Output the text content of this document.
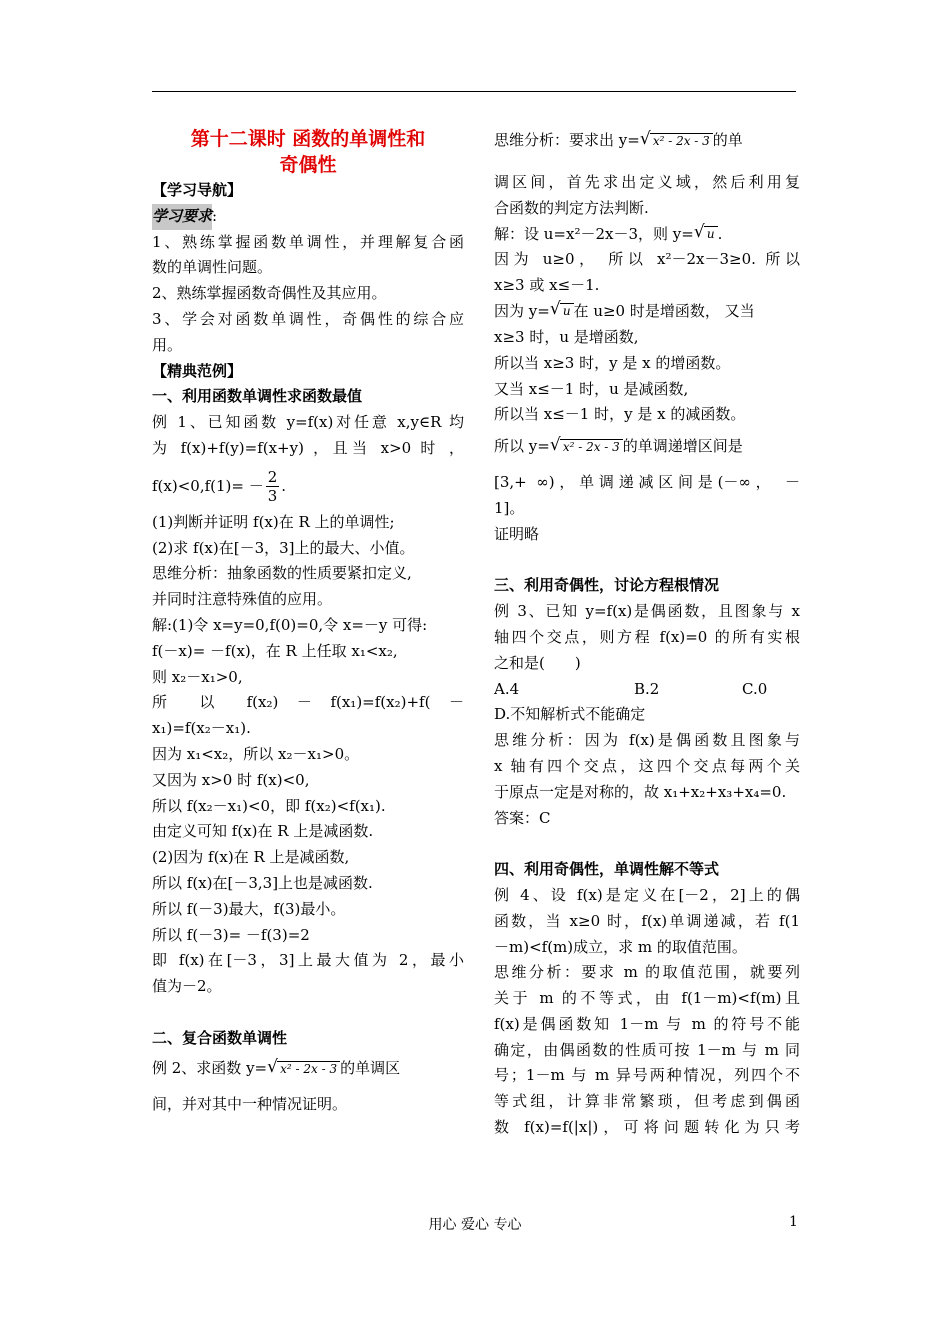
第十二课时 函数的单调性和
奇偶性
【学习导航】
学习要求:
1、熟练掌握函数单调性，并理解复合函
数的单调性问题。
2、熟练掌握函数奇偶性及其应用。
3、学会对函数单调性，奇偶性的综合应
用。
【精典范例】
一、利用函数单调性求函数最值
例 1、已知函数 y=f(x)对任意 x,y∈R 均
为 f(x)+f(y)=f(x+y) ，且当 x>0 时 ，
$f(x)<0,f(1)= - \frac{2}{3}$ .
(1)判断并证明 f(x)在 R 上的单调性;
(2)求 f(x)在[－3，3]上的最大、小值。
思维分析：抽象函数的性质要紧扣定义,
并同时注意特殊值的应用。
解:(1)令 x=y=0,f(0)=0,令 x=－y 可得:
f(－x)= －f(x)，在 R 上任取 x₁<x₂,
则 x₂－x₁>0,
所 以 f(x₂) － f(x₁)=f(x₂)+f( －
x₁)=f(x₂－x₁).
因为 x₁<x₂，所以 x₂－x₁>0。
又因为 x>0 时 f(x)<0,
所以 f(x₂－x₁)<0，即 f(x₂)<f(x₁).
由定义可知 f(x)在 R 上是减函数.
(2)因为 f(x)在 R 上是减函数,
所以 f(x)在[－3,3]上也是减函数.
所以 f(－3)最大，f(3)最小。
所以 f(－3)= －f(3)=2
即 f(x)在[－3，3]上最大值为 2，最小
值为－2。
二、复合函数单调性
例 2、求函数 y= √ x² - 2x - 3 的单调区
间，并对其中一种情况证明。
思维分析：要求出 y= √ x² - 2x - 3 的单
调区间，首先求出定义域，然后利用复
合函数的判定方法判断.
解：设 u=x²－2x－3，则 y= √ u .
因为 u≥0， 所以 x²－2x－3≥0. 所以
x≥3 或 x≤－1.
因为 y= √ u 在 u≥0 时是增函数， 又当
x≥3 时，u 是增函数,
所以当 x≥3 时，y 是 x 的增函数。
又当 x≤－1 时，u 是减函数,
所以当 x≤－1 时，y 是 x 的减函数。
所以 y= √ x² - 2x - 3 的单调递增区间是
[3,+ ∞)，单调递减区间是(－∞， －
1]。
证明略
三、利用奇偶性，讨论方程根情况
例 3、已知 y=f(x)是偶函数，且图象与 x
轴四个交点，则方程 f(x)=0 的所有实根
之和是(　　)
A.4	B.2	C.0
D.不知解析式不能确定
思维分析：因为 f(x)是偶函数且图象与
x 轴有四个交点，这四个交点每两个关
于原点一定是对称的，故 x₁+x₂+x₃+x₄=0.
答案：C
四、利用奇偶性，单调性解不等式
例 4、设 f(x)是定义在[－2，2]上的偶
函数，当 x≥0 时，f(x)单调递减，若 f(1
－m)<f(m)成立，求 m 的取值范围。
思维分析：要求 m 的取值范围，就要列
关于 m 的不等式，由 f(1－m)<f(m)且
f(x)是偶函数知 1－m 与 m 的符号不能
确定，由偶函数的性质可按 1－m 与 m 同
号；1－m 与 m 异号两种情况，列四个不
等式组，计算非常繁琐，但考虑到偶函
数 f(x)=f(|x|)，可将问题转化为只考
用心 爱心 专心	1
